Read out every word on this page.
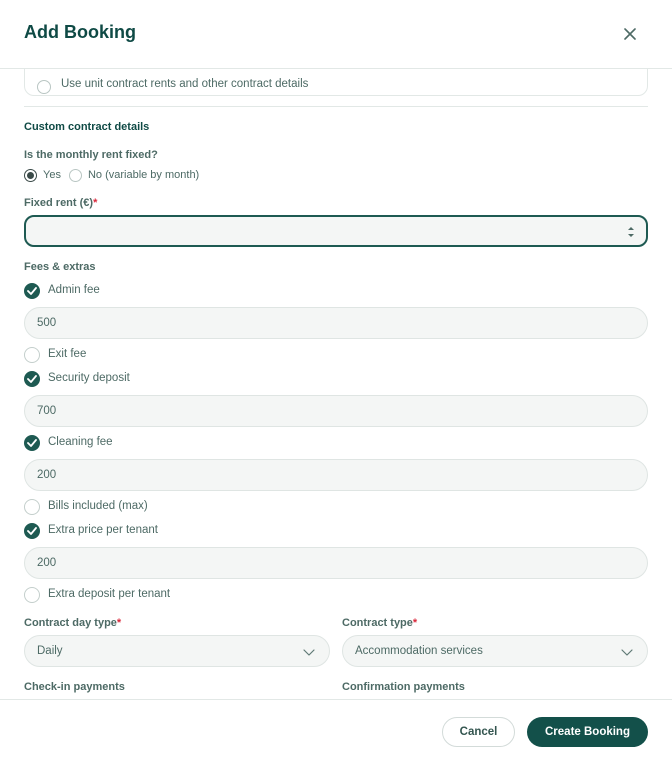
Add Booking
Use unit contract rents and other contract details
Custom contract details
Is the monthly rent fixed?
Yes No (variable by month)
Fixed rent (€)*
Fees & extras
Admin fee
500
Exit fee
Security deposit
700
Cleaning fee
200
Bills included (max)
Extra price per tenant
200
Extra deposit per tenant
Contract day type*	Contract type*
Daily	Accommodation services
Check-in payments	Confirmation payments
Cancel	Create Booking
